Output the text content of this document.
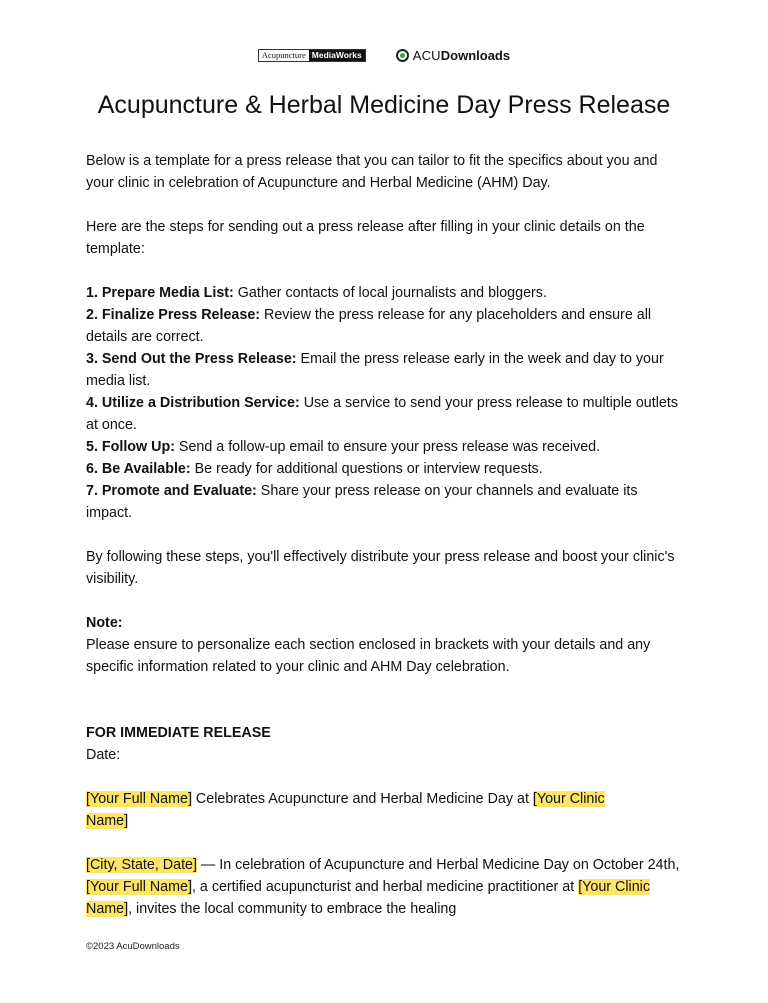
Acupuncture MediaWorks	ACUDownloads
Acupuncture & Herbal Medicine Day Press Release

Below is a template for a press release that you can tailor to fit the specifics about you and your clinic in celebration of Acupuncture and Herbal Medicine (AHM) Day.

Here are the steps for sending out a press release after filling in your clinic details on the template:

1. Prepare Media List: Gather contacts of local journalists and bloggers.

2. Finalize Press Release: Review the press release for any placeholders and ensure all details are correct.

3. Send Out the Press Release: Email the press release early in the week and day to your media list.

4. Utilize a Distribution Service: Use a service to send your press release to multiple outlets at once.

5. Follow Up: Send a follow-up email to ensure your press release was received.

6. Be Available: Be ready for additional questions or interview requests.

7. Promote and Evaluate: Share your press release on your channels and evaluate its impact.

By following these steps, you'll effectively distribute your press release and boost your clinic's visibility.

Note:

Please ensure to personalize each section enclosed in brackets with your details and any specific information related to your clinic and AHM Day celebration.

FOR IMMEDIATE RELEASE

Date:

[Your Full Name] Celebrates Acupuncture and Herbal Medicine Day at [Your Clinic
Name]

[City, State, Date] — In celebration of Acupuncture and Herbal Medicine Day on October 24th, [Your Full Name], a certified acupuncturist and herbal medicine practitioner at [Your Clinic Name], invites the local community to embrace the healing

©2023 AcuDownloads
